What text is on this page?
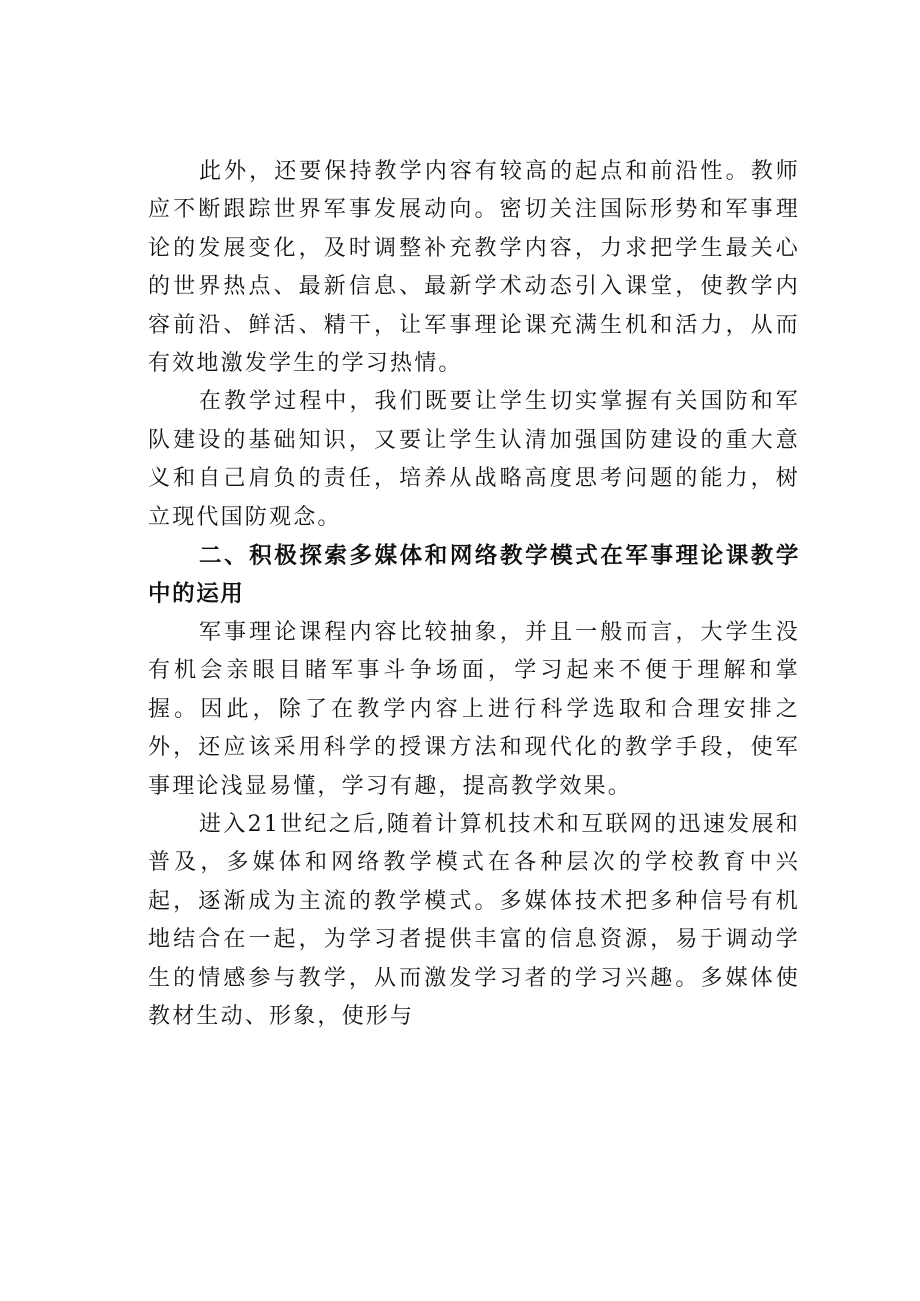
此外，还要保持教学内容有较高的起点和前沿性。教师应不断跟踪世界军事发展动向。密切关注国际形势和军事理论的发展变化，及时调整补充教学内容，力求把学生最关心的世界热点、最新信息、最新学术动态引入课堂，使教学内容前沿、鲜活、精干，让军事理论课充满生机和活力，从而有效地激发学生的学习热情。

在教学过程中，我们既要让学生切实掌握有关国防和军队建设的基础知识，又要让学生认清加强国防建设的重大意义和自己肩负的责任，培养从战略高度思考问题的能力，树立现代国防观念。

二、积极探索多媒体和网络教学模式在军事理论课教学中的运用

军事理论课程内容比较抽象，并且一般而言，大学生没有机会亲眼目睹军事斗争场面，学习起来不便于理解和掌握。因此，除了在教学内容上进行科学选取和合理安排之外，还应该采用科学的授课方法和现代化的教学手段，使军事理论浅显易懂，学习有趣，提高教学效果。

进入21世纪之后,随着计算机技术和互联网的迅速发展和普及，多媒体和网络教学模式在各种层次的学校教育中兴起，逐渐成为主流的教学模式。多媒体技术把多种信号有机地结合在一起，为学习者提供丰富的信息资源，易于调动学生的情感参与教学，从而激发学习者的学习兴趣。多媒体使教材生动、形象，使形与
